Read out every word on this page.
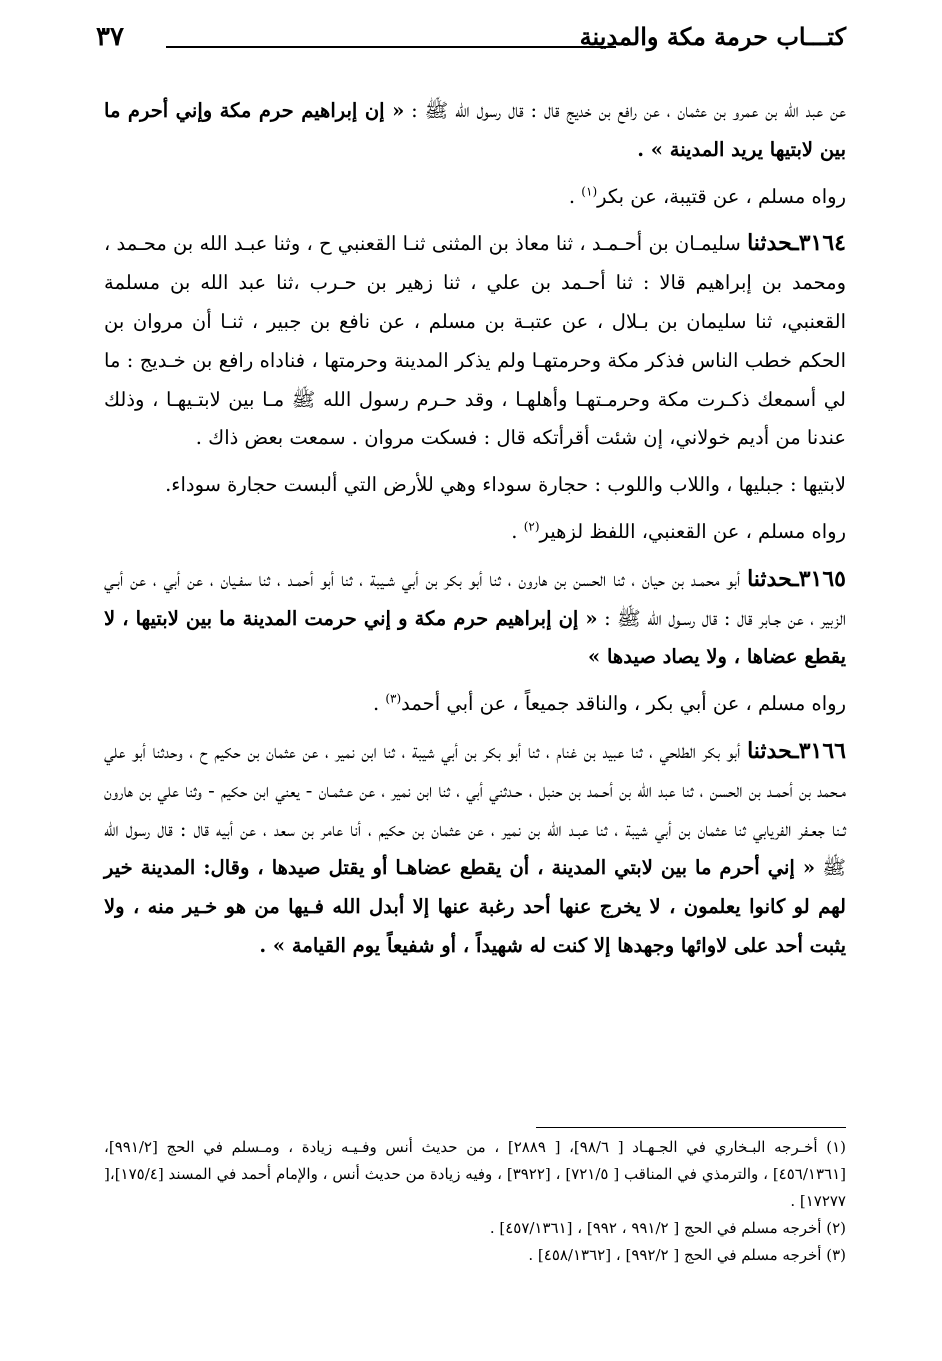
كتـــاب حرمة مكة والمدينة
٣٧

عن عبد الله بن عمرو بن عثمان ، عن رافع بن خديج قال : قال رسول الله ﷺ : « إن إبراهيم حرم مكة وإني أحرم ما بين لابتيها يريد المدينة » .

رواه مسلم ، عن قتيبة، عن بكر$^{(١)}$ .

٣١٦٤ـحدثنا سليمـان بن أحـمـد ، ثنا معاذ بن المثنى ثنـا القعنبي ح ، وثنا عبـد الله بن محـمد ، ومحمد بن إبراهيم قالا : ثنا أحـمد بن علي ، ثنا زهير بن حـرب ،ثنا عبد الله بن مسلمة القعنبي، ثنا سليمان بن بـلال ، عن عتبـة بن مسلم ، عن نافع بن جبير ، ثنـا أن مروان بن الحكم خطب الناس فذكر مكة وحرمتهـا ولم يذكر المدينة وحرمتها ، فناداه رافع بن خـديج : ما لي أسمعك ذكـرت مكة وحرمـتهـا وأهلهـا ، وقد حـرم رسول الله ﷺ مـا بين لابتـيهـا ، وذلك عندنا من أديم خولاني، إن شئت أقرأتكه قال : فسكت مروان . سمعت بعض ذاك .

لابتيها : جبليها ، واللاب واللوب : حجارة سوداء وهي للأرض التي ألبست حجارة سوداء.

رواه مسلم ، عن القعنبي، اللفظ لزهير$^{(٢)}$ .

٣١٦٥ـحدثنا أبو محمـد بن حيان ، ثنا الحسن بن هارون ، ثنا أبو بكر بن أبي شـيبة ، ثنا أبو أحمـد ، ثنا سفـيان ، عن أبي ، عن أبـي الزبير ، عن جـابر قال : قال رسـول الله ﷺ : « إن إبراهيم حرم مكة و إني حرمت المدينة ما بين لابتيها ، لا يقطع عضاها ، ولا يصاد صيدها »

رواه مسلم ، عن أبي بكر ، والناقد جميعاً ، عن أبي أحمد$^{(٣)}$ .

٣١٦٦ـحدثنا أبو بكر الطلحي ، ثنا عبيد بن غنام ، ثنا أبو بكر بن أبي شيبة ، ثنا ابن نمير ، عن عثمان بن حكيم ح ، وحدثنا أبو علي مـحمد بن أحمـد بن الحسن ، ثنا عبد الله بن أحـمد بن حنبل ، حـدثني أبي ، ثنا ابن نمير ، عن عـثمـان - يعني ابن حكيم - وثنا علي بن هارون ثـنا جعـفر الفريابي ثنا عثمان بن أبي شيبة ، ثنا عبـد الله بن نمير ، عن عثمان بن حكيم ، أنا عامر بن سعد ، عن أبيه قال : قال رسول الله ﷺ « إني أحرم ما بين لابتي المدينة ، أن يقطع عضاهـا أو يقتل صيدها ، وقال: المدينة خير لهم لو كانوا يعلمون ، لا يخرج عنها أحد رغبة عنها إلا أبدل الله فـيها من هو خـير منه ، ولا يثبت أحد على لاوائها وجهدها إلا كنت له شهيداً ، أو شفيعاً يوم القيامة » .

(١) أخـرجه البـخاري في الجـهـاد [ ٩٨/٦]، [ ٢٨٨٩] ، من حديث أنس وفـيـه زيادة ، ومـسلم في الحج [٩٩١/٢]، [٤٥٦/١٣٦١] ، والترمذي في المناقب [ ٧٢١/٥] ، [٣٩٢٢] ، وفيه زيادة من حديث أنس ، والإمام أحمد في المسند [١٧٥/٤]،[ ١٧٢٧٧] .

(٢) أخرجه مسلم في الحج [ ٩٩١/٢ ، ٩٩٢] ، [٤٥٧/١٣٦١] .

(٣) أخرجه مسلم في الحج [ ٩٩٢/٢] ، [٤٥٨/١٣٦٢] .
